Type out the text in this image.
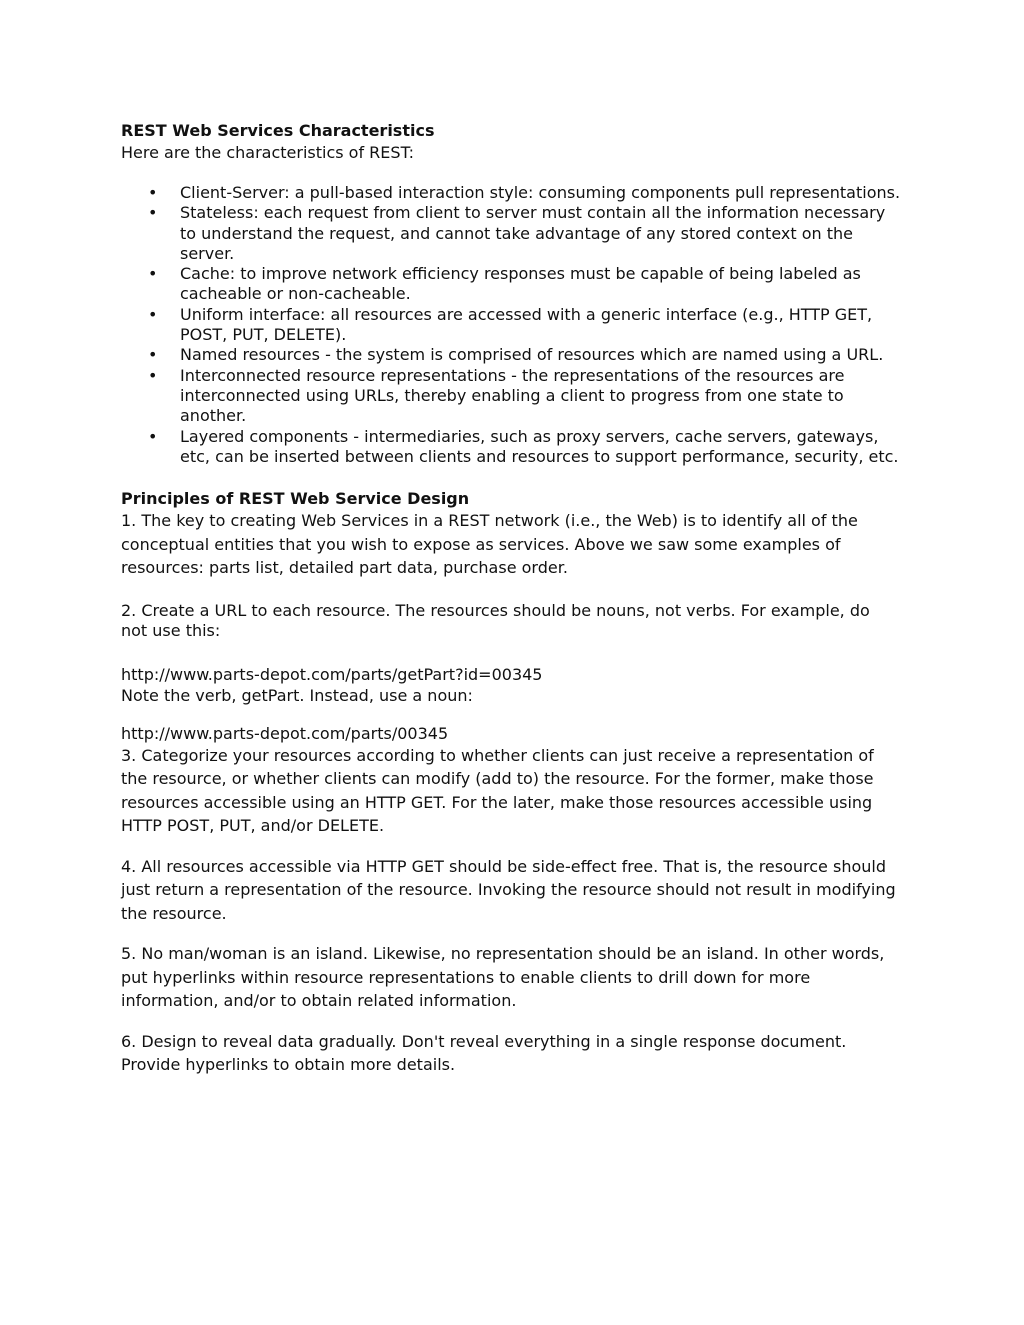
REST Web Services Characteristics

Here are the characteristics of REST:

• Client-Server: a pull-based interaction style: consuming components pull representations.
• Stateless: each request from client to server must contain all the information necessary to understand the request, and cannot take advantage of any stored context on the server.
• Cache: to improve network efficiency responses must be capable of being labeled as cacheable or non-cacheable.
• Uniform interface: all resources are accessed with a generic interface (e.g., HTTP GET, POST, PUT, DELETE).
• Named resources - the system is comprised of resources which are named using a URL.
• Interconnected resource representations - the representations of the resources are interconnected using URLs, thereby enabling a client to progress from one state to another.
• Layered components - intermediaries, such as proxy servers, cache servers, gateways, etc, can be inserted between clients and resources to support performance, security, etc.

Principles of REST Web Service Design

1. The key to creating Web Services in a REST network (i.e., the Web) is to identify all of the conceptual entities that you wish to expose as services. Above we saw some examples of resources: parts list, detailed part data, purchase order.

2. Create a URL to each resource. The resources should be nouns, not verbs. For example, do not use this:

http://www.parts-depot.com/parts/getPart?id=00345
Note the verb, getPart. Instead, use a noun:
http://www.parts-depot.com/parts/00345

3. Categorize your resources according to whether clients can just receive a representation of the resource, or whether clients can modify (add to) the resource. For the former, make those resources accessible using an HTTP GET. For the later, make those resources accessible using HTTP POST, PUT, and/or DELETE.

4. All resources accessible via HTTP GET should be side-effect free. That is, the resource should just return a representation of the resource. Invoking the resource should not result in modifying the resource.

5. No man/woman is an island. Likewise, no representation should be an island. In other words, put hyperlinks within resource representations to enable clients to drill down for more information, and/or to obtain related information.

6. Design to reveal data gradually. Don't reveal everything in a single response document. Provide hyperlinks to obtain more details.
